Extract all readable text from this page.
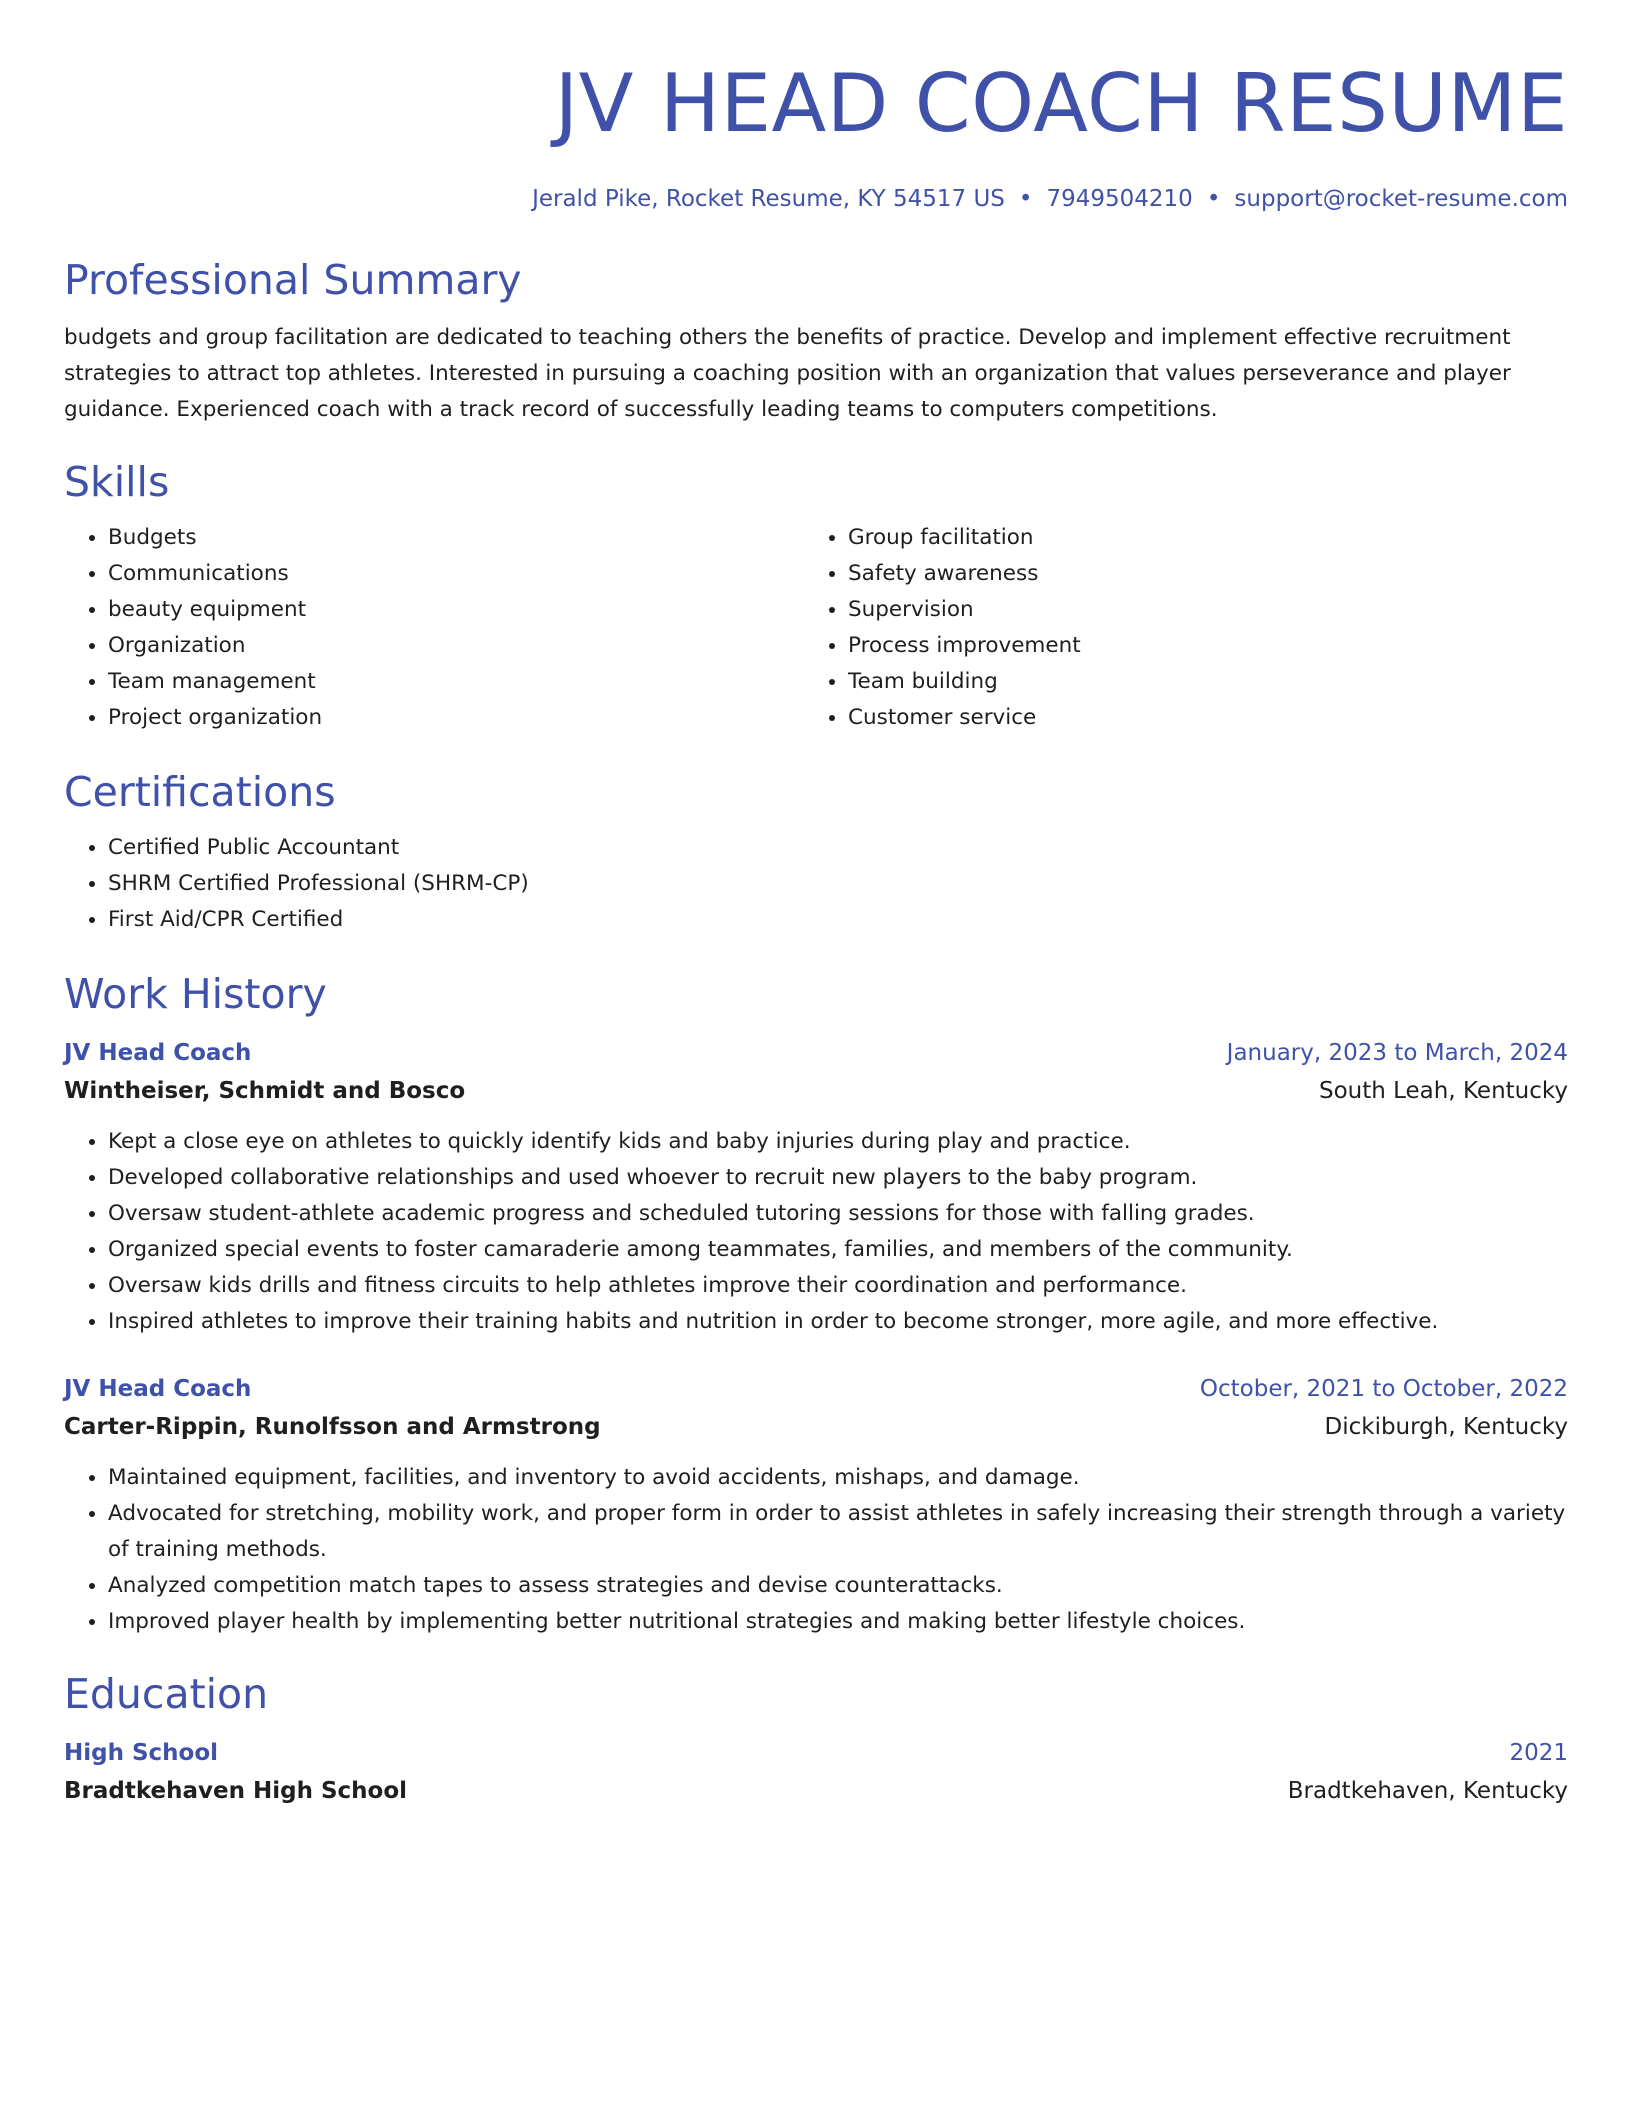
JV HEAD COACH RESUME
Jerald Pike, Rocket Resume, KY 54517 US • 7949504210 • support@rocket-resume.com
Professional Summary

budgets and group facilitation are dedicated to teaching others the benefits of practice. Develop and implement effective recruitment strategies to attract top athletes. Interested in pursuing a coaching position with an organization that values perseverance and player guidance. Experienced coach with a track record of successfully leading teams to computers competitions.

Skills
• Budgets
• Communications
• beauty equipment
• Organization
• Team management
• Project organization
• Group facilitation
• Safety awareness
• Supervision
• Process improvement
• Team building
• Customer service
Certifications
• Certified Public Accountant
• SHRM Certified Professional (SHRM-CP)
• First Aid/CPR Certified
Work History
JV Head Coach	January, 2023 to March, 2024
Wintheiser, Schmidt and Bosco	South Leah, Kentucky
• Kept a close eye on athletes to quickly identify kids and baby injuries during play and practice.
• Developed collaborative relationships and used whoever to recruit new players to the baby program.
• Oversaw student-athlete academic progress and scheduled tutoring sessions for those with falling grades.
• Organized special events to foster camaraderie among teammates, families, and members of the community.
• Oversaw kids drills and fitness circuits to help athletes improve their coordination and performance.
• Inspired athletes to improve their training habits and nutrition in order to become stronger, more agile, and more effective.
JV Head Coach	October, 2021 to October, 2022
Carter-Rippin, Runolfsson and Armstrong	Dickiburgh, Kentucky
• Maintained equipment, facilities, and inventory to avoid accidents, mishaps, and damage.
• Advocated for stretching, mobility work, and proper form in order to assist athletes in safely increasing their strength through a variety of training methods.
• Analyzed competition match tapes to assess strategies and devise counterattacks.
• Improved player health by implementing better nutritional strategies and making better lifestyle choices.
Education
High School	2021
Bradtkehaven High School	Bradtkehaven, Kentucky
